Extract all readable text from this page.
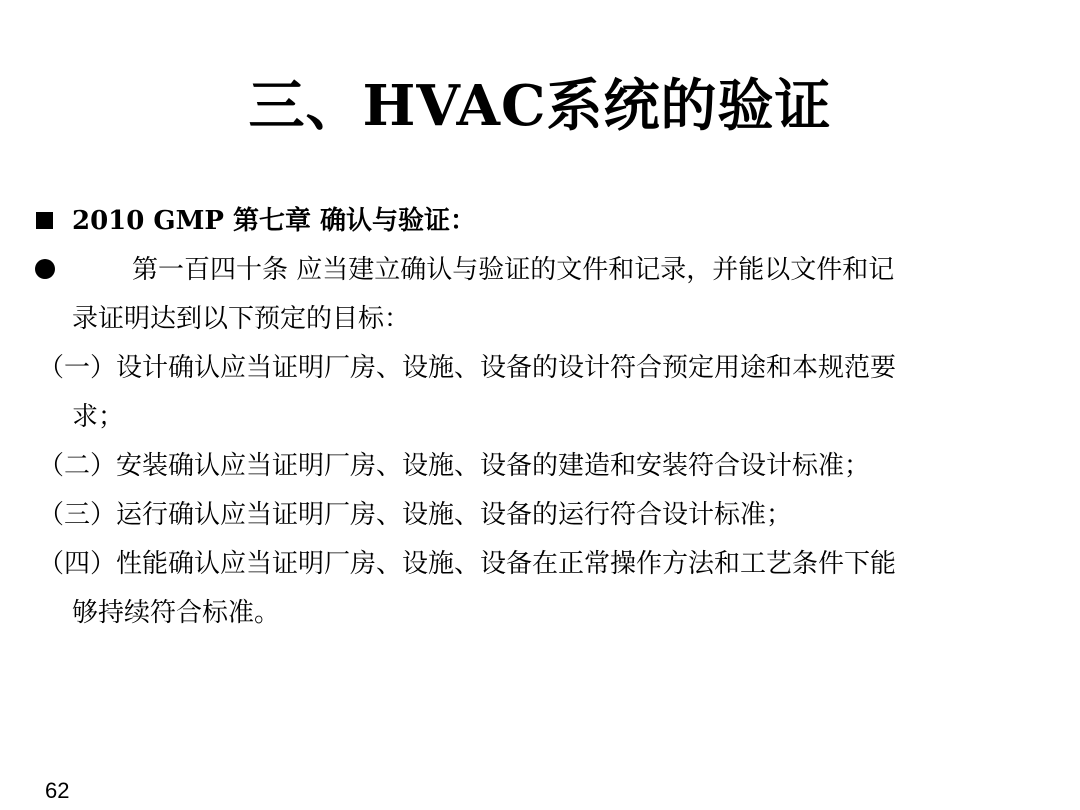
三、HVAC系统的验证
2010 GMP 第七章 确认与验证：
第一百四十条 应当建立确认与验证的文件和记录，并能以文件和记
录证明达到以下预定的目标：
（一）设计确认应当证明厂房、设施、设备的设计符合预定用途和本规范要
求；
（二）安装确认应当证明厂房、设施、设备的建造和安装符合设计标准；
（三）运行确认应当证明厂房、设施、设备的运行符合设计标准；
（四）性能确认应当证明厂房、设施、设备在正常操作方法和工艺条件下能
够持续符合标准。
62
